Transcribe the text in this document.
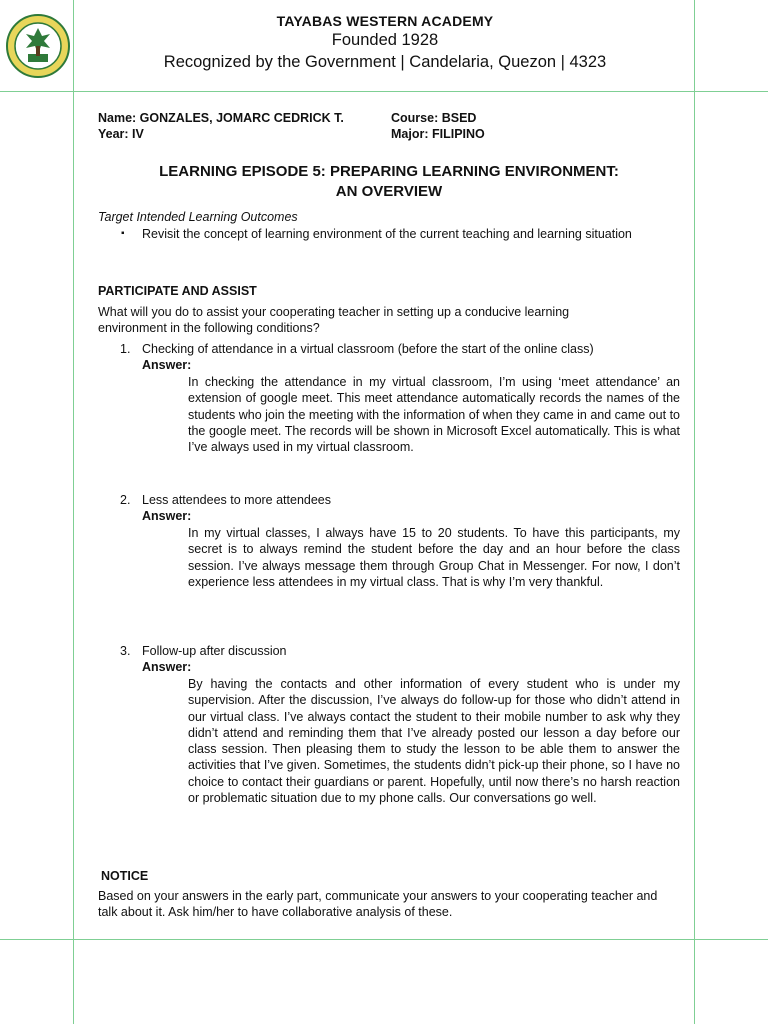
TAYABAS WESTERN ACADEMY
Founded 1928
Recognized by the Government | Candelaria, Quezon | 4323
Name: GONZALES, JOMARC CEDRICK T.
Year: IV
Course: BSED
Major: FILIPINO
LEARNING EPISODE 5: PREPARING LEARNING ENVIRONMENT:
AN OVERVIEW
Target Intended Learning Outcomes
▪ Revisit the concept of learning environment of the current teaching and learning situation
PARTICIPATE AND ASSIST
What will you do to assist your cooperating teacher in setting up a conducive learning environment in the following conditions?
1. Checking of attendance in a virtual classroom (before the start of the online class)
Answer:
In checking the attendance in my virtual classroom, I’m using ‘meet attendance’ an extension of google meet. This meet attendance automatically records the names of the students who join the meeting with the information of when they came in and came out to the google meet. The records will be shown in Microsoft Excel automatically. This is what I’ve always used in my virtual classroom.
2. Less attendees to more attendees
Answer:
In my virtual classes, I always have 15 to 20 students. To have this participants, my secret is to always remind the student before the day and an hour before the class session. I’ve always message them through Group Chat in Messenger. For now, I don’t experience less attendees in my virtual class. That is why I’m very thankful.
3. Follow-up after discussion
Answer:
By having the contacts and other information of every student who is under my supervision. After the discussion, I’ve always do follow-up for those who didn’t attend in our virtual class. I’ve always contact the student to their mobile number to ask why they didn’t attend and reminding them that I’ve already posted our lesson a day before our class session. Then pleasing them to study the lesson to be able them to answer the activities that I’ve given. Sometimes, the students didn’t pick-up their phone, so I have no choice to contact their guardians or parent. Hopefully, until now there’s no harsh reaction or problematic situation due to my phone calls. Our conversations go well.
NOTICE
Based on your answers in the early part, communicate your answers to your cooperating teacher and talk about it. Ask him/her to have collaborative analysis of these.
